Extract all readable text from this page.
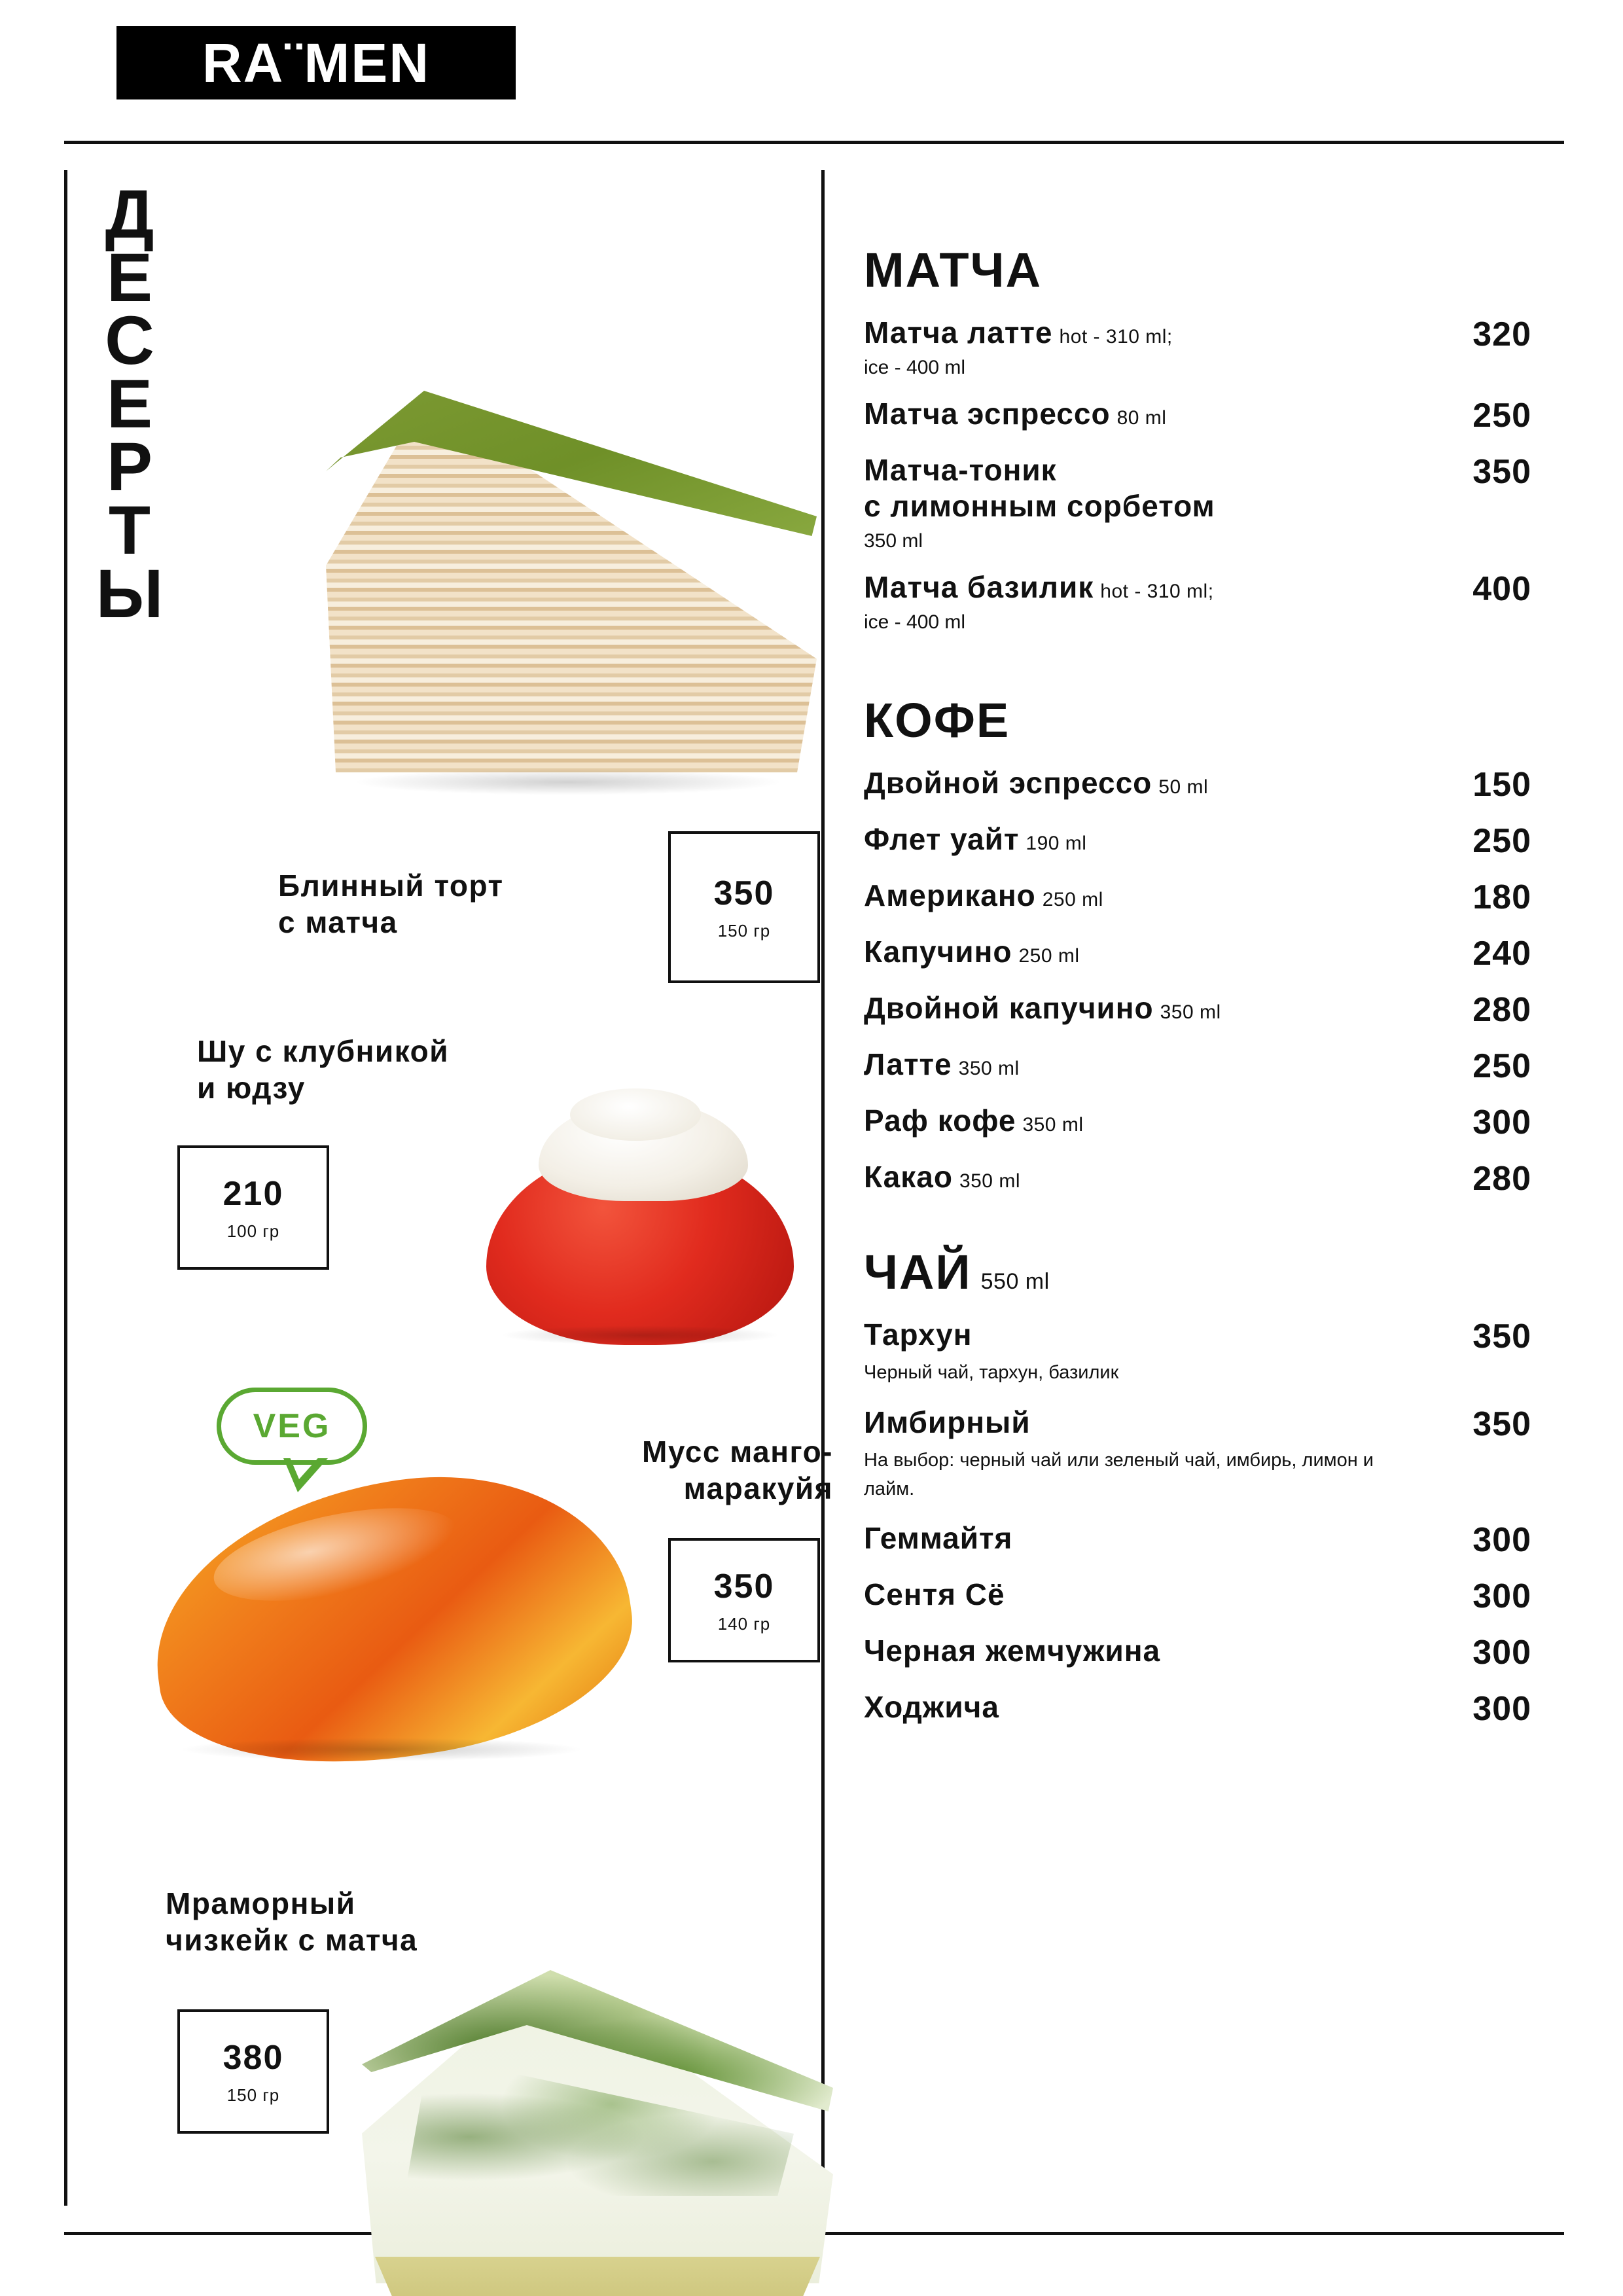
RA¨MEN
Д
Е
С
Е
Р
Т
Ы
Блинный торт
с матча
350
150 гр
Шу с клубникой
и юдзу
210
100 гр
VEG
Мусс манго-
маракуйя
350
140 гр
Мраморный
чизкейк с матча
380
150 гр
МАТЧА
Матча латте hot - 310 ml;
ice - 400 ml
320
Матча эспрессо 80 ml	250
Матча-тоник
с лимонным сорбетом
350 ml
350
Матча базилик hot - 310 ml;
ice - 400 ml
400
КОФЕ
Двойной эспрессо 50 ml	150
Флет уайт 190 ml	250
Американо 250 ml	180
Капучино 250 ml	240
Двойной капучино 350 ml	280
Латте 350 ml	250
Раф кофе 350 ml	300
Какао 350 ml	280
ЧАЙ 550 ml
Тархун
Черный чай, тархун, базилик
350
Имбирный
На выбор: черный чай или зеленый чай, имбирь, лимон и лайм.
350
Геммайтя	300
Сентя Сё	300
Черная жемчужина	300
Ходжича	300
